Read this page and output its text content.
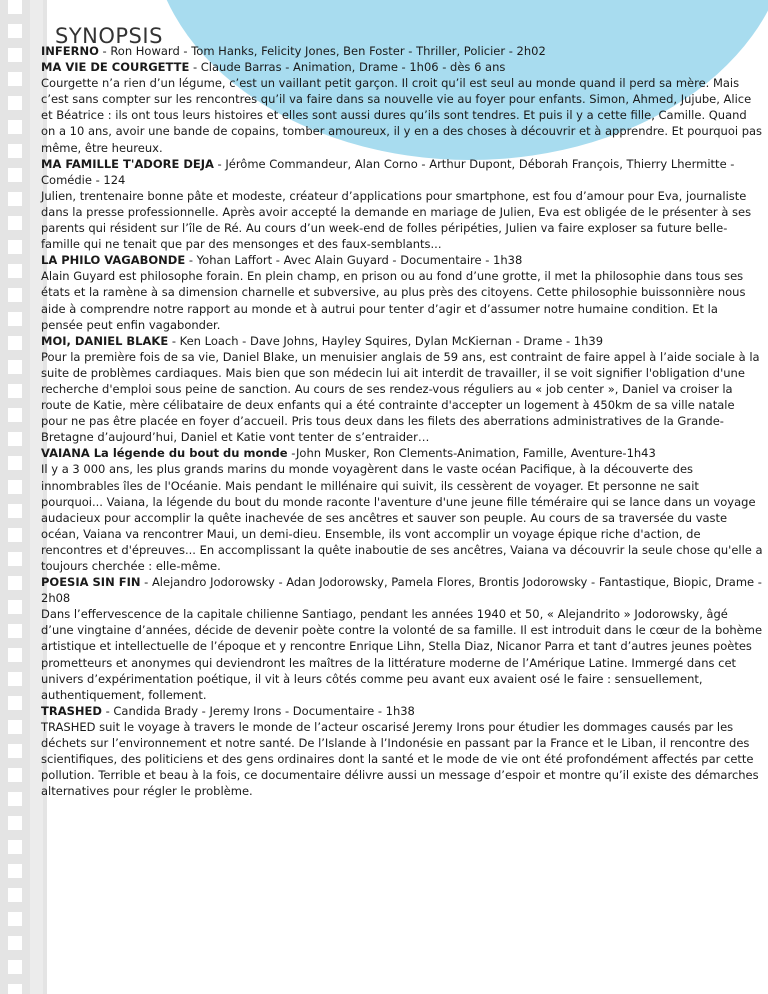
SYNOPSIS

INFERNO - Ron Howard - Tom Hanks, Felicity Jones, Ben Foster - Thriller, Policier - 2h02

MA VIE DE COURGETTE - Claude Barras - Animation, Drame - 1h06 - dès 6 ans

Courgette n’a rien d’un légume, c’est un vaillant petit garçon. Il croit qu’il est seul au monde quand il perd sa mère. Mais c’est sans compter sur les rencontres qu’il va faire dans sa nouvelle vie au foyer pour enfants. Simon, Ahmed, Jujube, Alice et Béatrice : ils ont tous leurs histoires et elles sont aussi dures qu’ils sont tendres. Et puis il y a cette fille, Camille. Quand on a 10 ans, avoir une bande de copains, tomber amoureux, il y en a des choses à découvrir et à apprendre. Et pourquoi pas même, être heureux.

MA FAMILLE T'ADORE DEJA - Jérôme Commandeur, Alan Corno - Arthur Dupont, Déborah François, Thierry Lhermitte - Comédie - 124

Julien, trentenaire bonne pâte et modeste, créateur d’applications pour smartphone, est fou d’amour pour Eva, journaliste dans la presse professionnelle. Après avoir accepté la demande en mariage de Julien, Eva est obligée de le présenter à ses parents qui résident sur l’île de Ré. Au cours d’un week-end de folles péripéties, Julien va faire exploser sa future belle-famille qui ne tenait que par des mensonges et des faux-semblants...

LA PHILO VAGABONDE - Yohan Laffort - Avec Alain Guyard - Documentaire - 1h38

Alain Guyard est philosophe forain. En plein champ, en prison ou au fond d’une grotte, il met la philosophie dans tous ses états et la ramène à sa dimension charnelle et subversive, au plus près des citoyens. Cette philosophie buissonnière nous aide à comprendre notre rapport au monde et à autrui pour tenter d’agir et d’assumer notre humaine condition. Et la pensée peut enfin vagabonder.

MOI, DANIEL BLAKE - Ken Loach - Dave Johns, Hayley Squires, Dylan McKiernan - Drame - 1h39

Pour la première fois de sa vie, Daniel Blake, un menuisier anglais de 59 ans, est contraint de faire appel à l’aide sociale à la suite de problèmes cardiaques. Mais bien que son médecin lui ait interdit de travailler, il se voit signifier l'obligation d'une recherche d'emploi sous peine de sanction. Au cours de ses rendez-vous réguliers au « job center », Daniel va croiser la route de Katie, mère célibataire de deux enfants qui a été contrainte d'accepter un logement à 450km de sa ville natale pour ne pas être placée en foyer d’accueil. Pris tous deux dans les filets des aberrations administratives de la Grande-Bretagne d’aujourd’hui, Daniel et Katie vont tenter de s’entraider…

VAIANA La légende du bout du monde -John Musker, Ron Clements-Animation, Famille, Aventure-1h43

Il y a 3 000 ans, les plus grands marins du monde voyagèrent dans le vaste océan Pacifique, à la découverte des innombrables îles de l'Océanie. Mais pendant le millénaire qui suivit, ils cessèrent de voyager. Et personne ne sait pourquoi... Vaiana, la légende du bout du monde raconte l'aventure d'une jeune fille téméraire qui se lance dans un voyage audacieux pour accomplir la quête inachevée de ses ancêtres et sauver son peuple. Au cours de sa traversée du vaste océan, Vaiana va rencontrer Maui, un demi-dieu. Ensemble, ils vont accomplir un voyage épique riche d'action, de rencontres et d'épreuves... En accomplissant la quête inaboutie de ses ancêtres, Vaiana va découvrir la seule chose qu'elle a toujours cherchée : elle-même.

POESIA SIN FIN - Alejandro Jodorowsky - Adan Jodorowsky, Pamela Flores, Brontis Jodorowsky - Fantastique, Biopic, Drame - 2h08

Dans l’effervescence de la capitale chilienne Santiago, pendant les années 1940 et 50, « Alejandrito » Jodorowsky, âgé d’une vingtaine d’années, décide de devenir poète contre la volonté de sa famille. Il est introduit dans le cœur de la bohème artistique et intellectuelle de l’époque et y rencontre Enrique Lihn, Stella Diaz, Nicanor Parra et tant d’autres jeunes poètes prometteurs et anonymes qui deviendront les maîtres de la littérature moderne de l’Amérique Latine. Immergé dans cet univers d’expérimentation poétique, il vit à leurs côtés comme peu avant eux avaient osé le faire : sensuellement, authentiquement, follement.

TRASHED - Candida Brady - Jeremy Irons - Documentaire - 1h38

TRASHED suit le voyage à travers le monde de l’acteur oscarisé Jeremy Irons pour étudier les dommages causés par les déchets sur l’environnement et notre santé. De l’Islande à l’Indonésie en passant par la France et le Liban, il rencontre des scientifiques, des politiciens et des gens ordinaires dont la santé et le mode de vie ont été profondément affectés par cette pollution. Terrible et beau à la fois, ce documentaire délivre aussi un message d’espoir et montre qu’il existe des démarches alternatives pour régler le problème.
